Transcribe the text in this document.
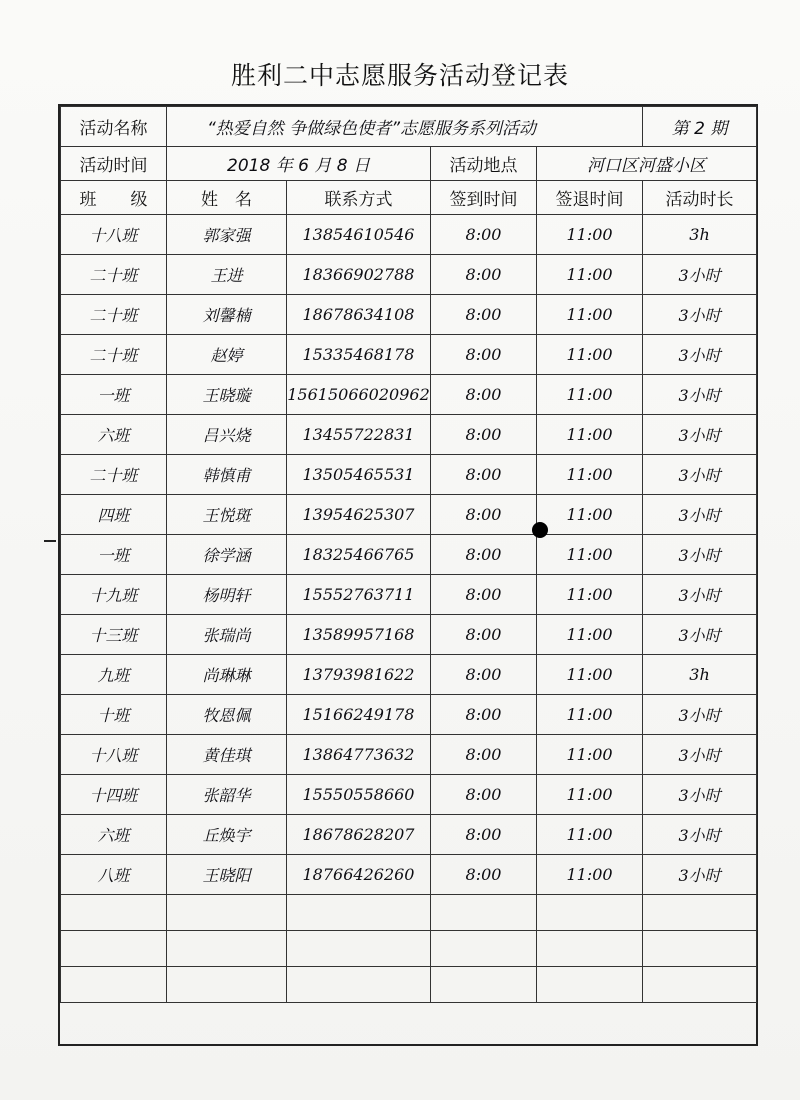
胜利二中志愿服务活动登记表
活动名称	“热爱自然 争做绿色使者”志愿服务系列活动				第 2 期
活动时间	2018 年 6 月 8 日		活动地点	河口区河盛小区	
班　　级	姓　名	联系方式	签到时间	签退时间	活动时长
十八班	郭家强	13854610546	8:00	11:00	3h
二十班	王进	18366902788	8:00	11:00	3小时
二十班	刘馨楠	18678634108	8:00	11:00	3小时
二十班	赵婷	15335468178	8:00	11:00	3小时
一班	王晓璇	15615066020962	8:00	11:00	3小时
六班	吕兴烧	13455722831	8:00	11:00	3小时
二十班	韩慎甫	13505465531	8:00	11:00	3小时
四班	王悦斑	13954625307	8:00	11:00	3小时
一班	徐学涵	18325466765	8:00	11:00	3小时
十九班	杨明轩	15552763711	8:00	11:00	3小时
十三班	张瑞尚	13589957168	8:00	11:00	3小时
九班	尚琳琳	13793981622	8:00	11:00	3h
十班	牧恩佩	15166249178	8:00	11:00	3小时
十八班	黄佳琪	13864773632	8:00	11:00	3小时
十四班	张韶华	15550558660	8:00	11:00	3小时
六班	丘焕宇	18678628207	8:00	11:00	3小时
八班	王晓阳	18766426260	8:00	11:00	3小时
